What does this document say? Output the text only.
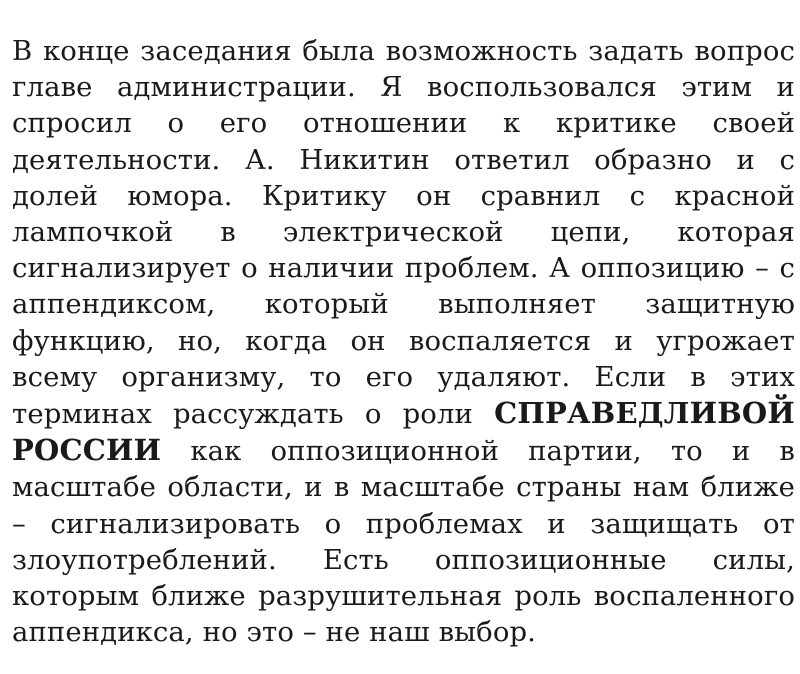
В конце заседания была возможность задать вопрос главе администрации. Я воспользовался этим и спросил о его отношении к критике своей деятельности. А. Никитин ответил образно и с долей юмора. Критику он сравнил с красной лампочкой в электрической цепи, которая сигнализирует о наличии проблем. А оппозицию – с аппендиксом, который выполняет защитную функцию, но, когда он воспаляется и угрожает всему организму, то его удаляют. Если в этих терминах рассуждать о роли СПРАВЕДЛИВОЙ РОССИИ как оппозиционной партии, то и в масштабе области, и в масштабе страны нам ближе – сигнализировать о проблемах и защищать от злоупотреблений. Есть оппозиционные силы, которым ближе разрушительная роль воспаленного аппендикса, но это – не наш выбор.
